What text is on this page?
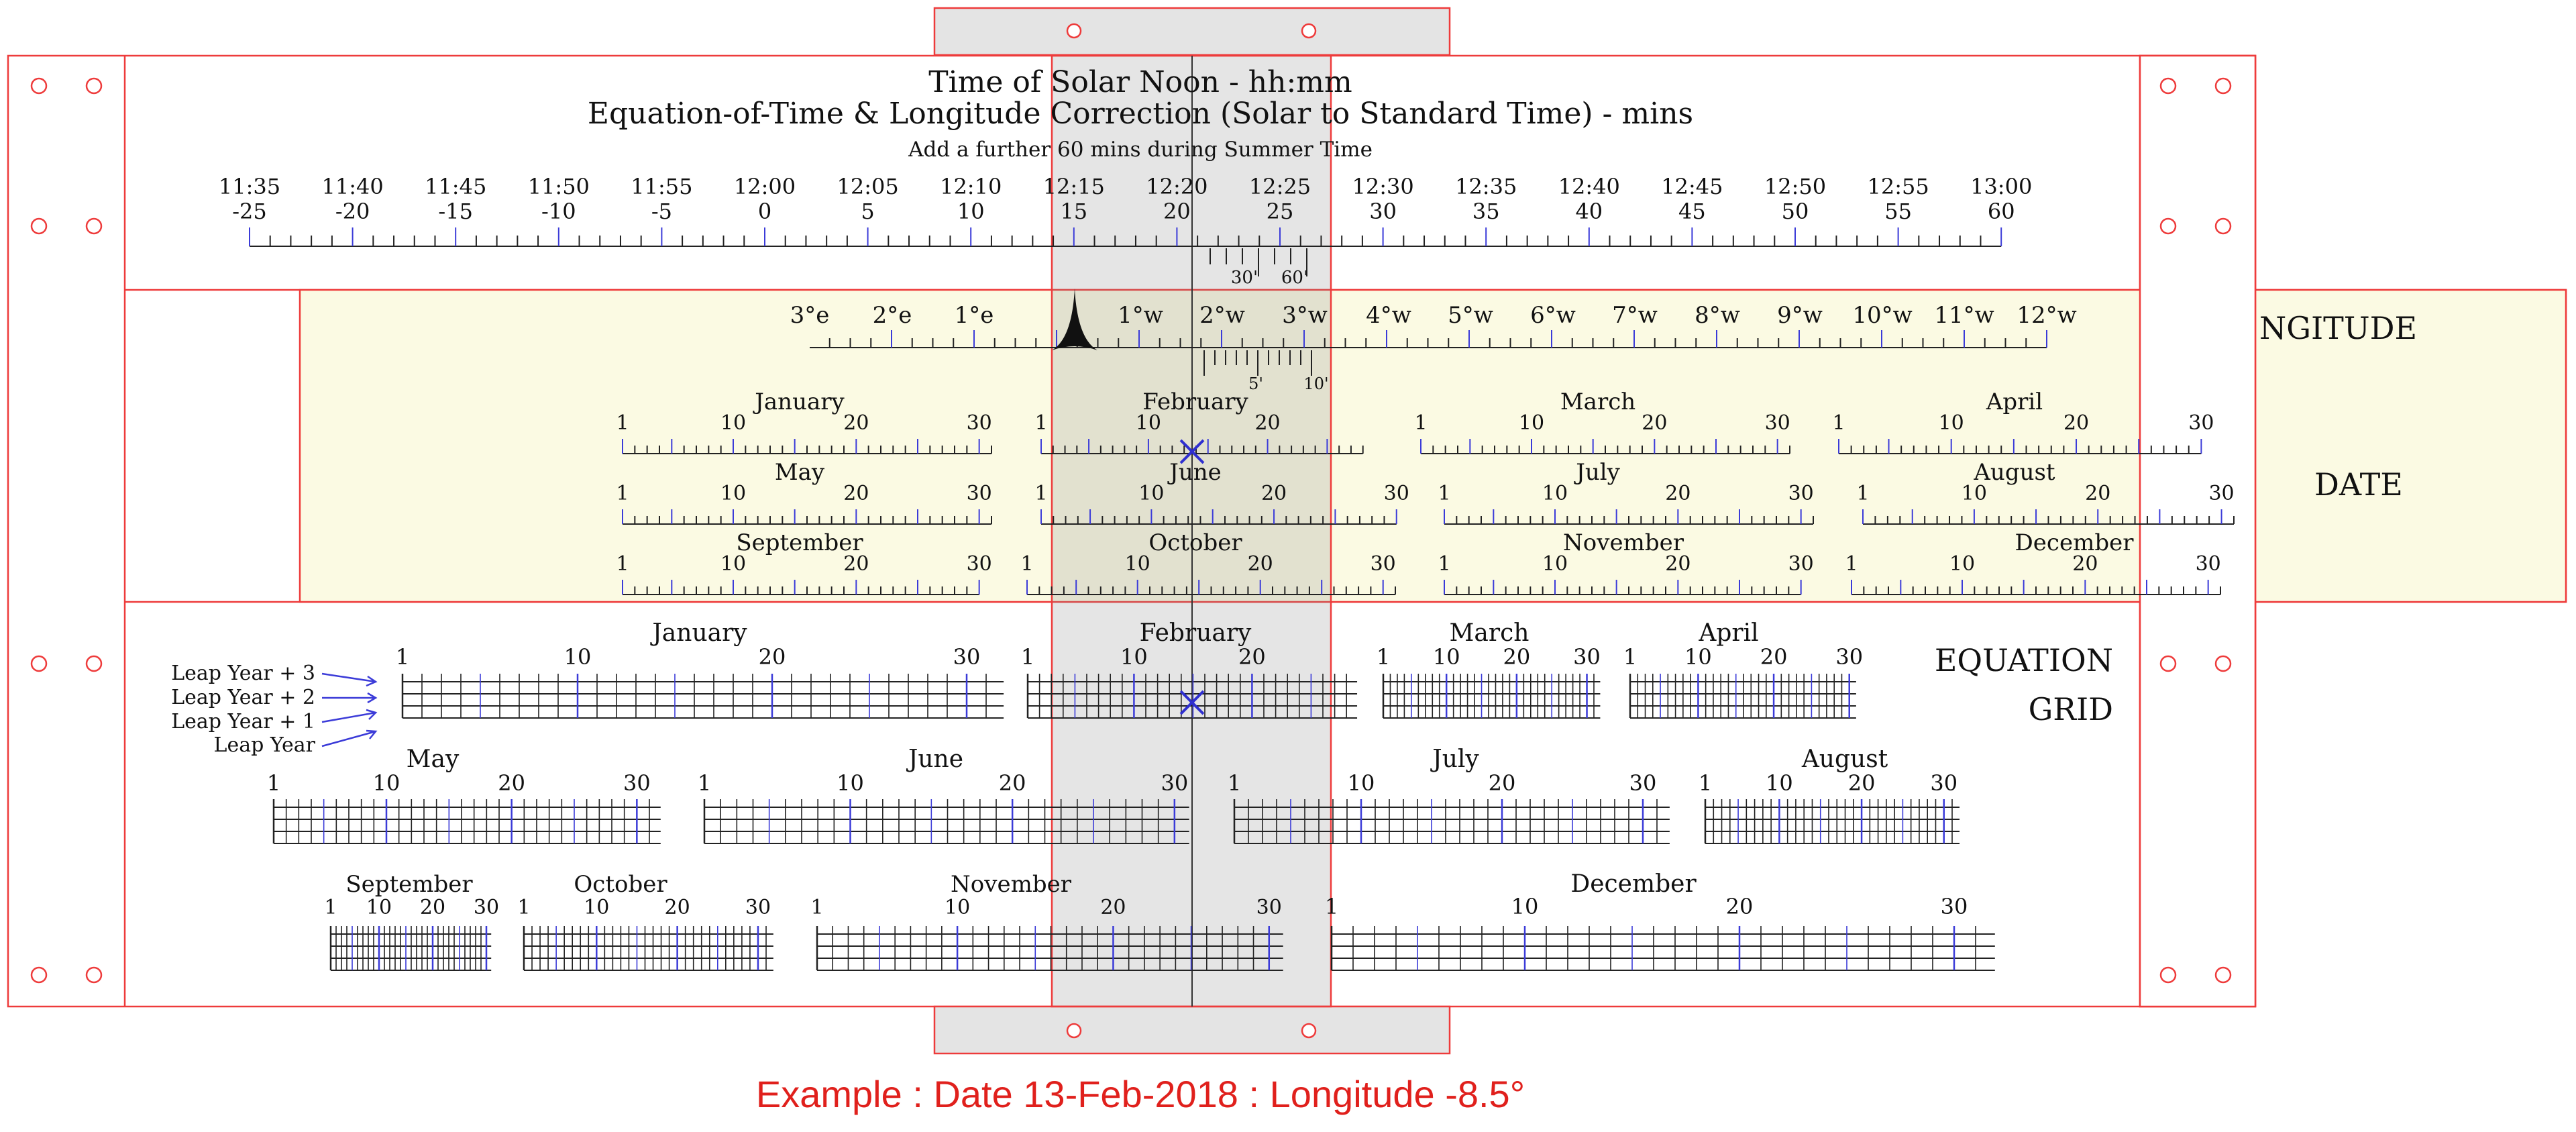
Time of Solar Noon - hh:mm
Equation-of-Time & Longitude Correction (Solar to Standard Time) - mins
Add a further 60 mins during Summer Time
11:35 11:40 11:45 11:50 11:55 12:00 12:05 12:10 12:15 12:20 12:25 12:30 12:35 12:40 12:45 12:50 12:55 13:00
-25	-20	-15	-10	-5	0	5	10	15	20	25	30	35	40	45	50	55	60
30' 60'
3°e 2°e 1°e	1°w 2°w 3°w 4°w 5°w 6°w 7°w 8°w 9°w 10°w 11°w 12°w
5'	10'
January
1	10	20	30
February
1	10	20
March
1	10	20	30
April
1	10	20	30
May
1	10	20	30
June
1	10	20	30
July
1	10	20	30
August
1	10	20	30
September
1	10	20	30
October
1	10	20	30
November
1	10	20	30
December
1	10	20	30
January
1	10	20	30
February
1	10	20
March
1 10 20 30
April
1 10 20 30
May
1	10	20	30
June
1	10	20	30
July
1	10	20	30
August
1 10	20	30
September
1 10 20 30
October
1	10	20	30
November
1	10	20	30
December
1	10	20	30
NGITUDE
DATE
EQUATION
GRID
Leap Year + 3
Leap Year + 2
Leap Year + 1
Leap Year
Example : Date 13-Feb-2018 : Longitude -8.5°
